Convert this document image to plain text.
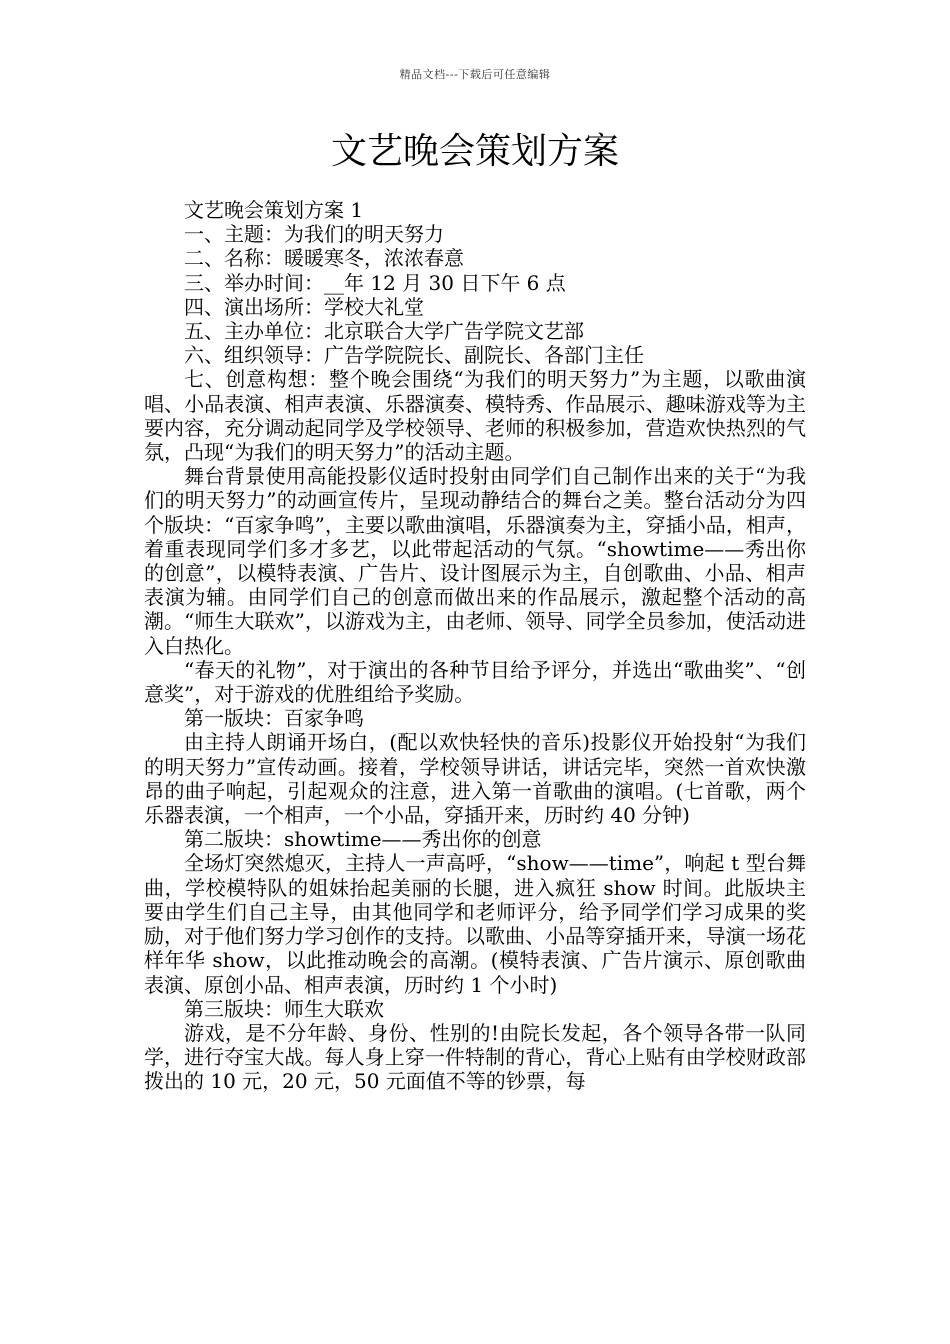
精品文档---下载后可任意编辑
文艺晚会策划方案

文艺晚会策划方案 1

一、主题：为我们的明天努力

二、名称：暖暖寒冬，浓浓春意

三、举办时间：__年 12 月 30 日下午 6 点

四、演出场所：学校大礼堂

五、主办单位：北京联合大学广告学院文艺部

六、组织领导：广告学院院长、副院长、各部门主任

七、创意构想：整个晚会围绕“为我们的明天努力”为主题，以歌曲演唱、小品表演、相声表演、乐器演奏、模特秀、作品展示、趣味游戏等为主要内容，充分调动起同学及学校领导、老师的积极参加，营造欢快热烈的气氛，凸现“为我们的明天努力”的活动主题。

舞台背景使用高能投影仪适时投射由同学们自己制作出来的关于“为我们的明天努力”的动画宣传片，呈现动静结合的舞台之美。整台活动分为四个版块：“百家争鸣”，主要以歌曲演唱，乐器演奏为主，穿插小品，相声，着重表现同学们多才多艺，以此带起活动的气氛。“showtime——秀出你的创意”，以模特表演、广告片、设计图展示为主，自创歌曲、小品、相声表演为辅。由同学们自己的创意而做出来的作品展示，激起整个活动的高潮。“师生大联欢”，以游戏为主，由老师、领导、同学全员参加，使活动进入白热化。

“春天的礼物”，对于演出的各种节目给予评分，并选出“歌曲奖”、“创意奖”，对于游戏的优胜组给予奖励。

第一版块：百家争鸣

由主持人朗诵开场白，(配以欢快轻快的音乐)投影仪开始投射“为我们的明天努力”宣传动画。接着，学校领导讲话，讲话完毕，突然一首欢快激昂的曲子响起，引起观众的注意，进入第一首歌曲的演唱。(七首歌，两个乐器表演，一个相声，一个小品，穿插开来，历时约 40 分钟)

第二版块：showtime——秀出你的创意

全场灯突然熄灭，主持人一声高呼，“show——time”，响起 t 型台舞曲，学校模特队的姐妹抬起美丽的长腿，进入疯狂 show 时间。此版块主要由学生们自己主导，由其他同学和老师评分，给予同学们学习成果的奖励，对于他们努力学习创作的支持。以歌曲、小品等穿插开来，导演一场花样年华 show，以此推动晚会的高潮。(模特表演、广告片演示、原创歌曲表演、原创小品、相声表演，历时约 1 个小时)

第三版块：师生大联欢

游戏，是不分年龄、身份、性别的!由院长发起，各个领导各带一队同学，进行夺宝大战。每人身上穿一件特制的背心，背心上贴有由学校财政部拨出的 10 元，20 元，50 元面值不等的钞票，每
